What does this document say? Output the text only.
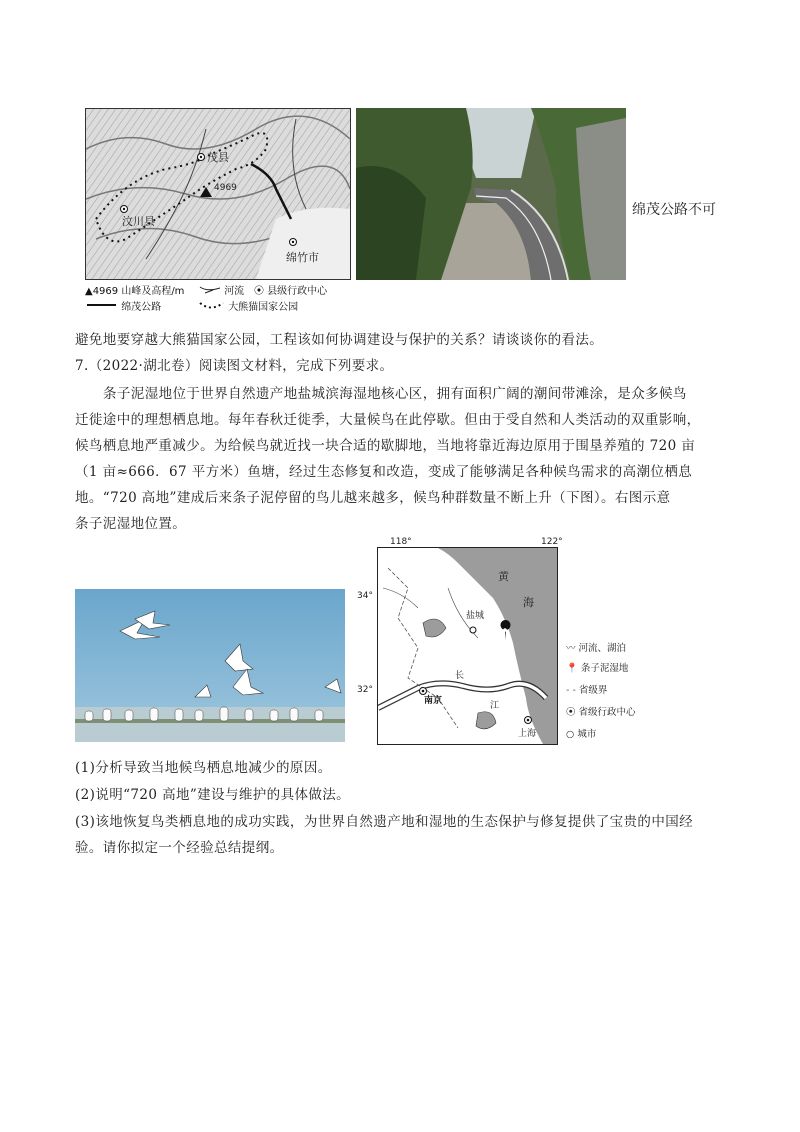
茂县
4969
汶川县
绵竹市
▲4969 山峰及高程/m	河流 ⦿ 县级行政中心
绵茂公路	大熊猫国家公园
绵茂公路不可
避免地要穿越大熊猫国家公园，工程该如何协调建设与保护的关系？请谈谈你的看法。
7.（2022·湖北卷）阅读图文材料，完成下列要求。
条子泥湿地位于世界自然遗产地盐城滨海湿地核心区，拥有面积广阔的潮间带滩涂，是众多候鸟
迁徙途中的理想栖息地。每年春秋迁徙季，大量候鸟在此停歇。但由于受自然和人类活动的双重影响，
候鸟栖息地严重减少。为给候鸟就近找一块合适的歇脚地，当地将靠近海边原用于围垦养殖的 720 亩
（1 亩≈666．67 平方米）鱼塘，经过生态修复和改造，变成了能够满足各种候鸟需求的高潮位栖息
地。“720 高地”建成后来条子泥停留的鸟儿越来越多，候鸟种群数量不断上升（下图）。右图示意
条子泥湿地位置。
118°	122°
34°
32°
黄
海
盐城
南京
上海
长
江
〰 河流、湖泊
📍 条子泥湿地
- - 省级界
⦿ 省级行政中心
○ 城市
(1)分析导致当地候鸟栖息地减少的原因。
(2)说明“720 高地”建设与维护的具体做法。
(3)该地恢复鸟类栖息地的成功实践，为世界自然遗产地和湿地的生态保护与修复提供了宝贵的中国经
验。请你拟定一个经验总结提纲。
